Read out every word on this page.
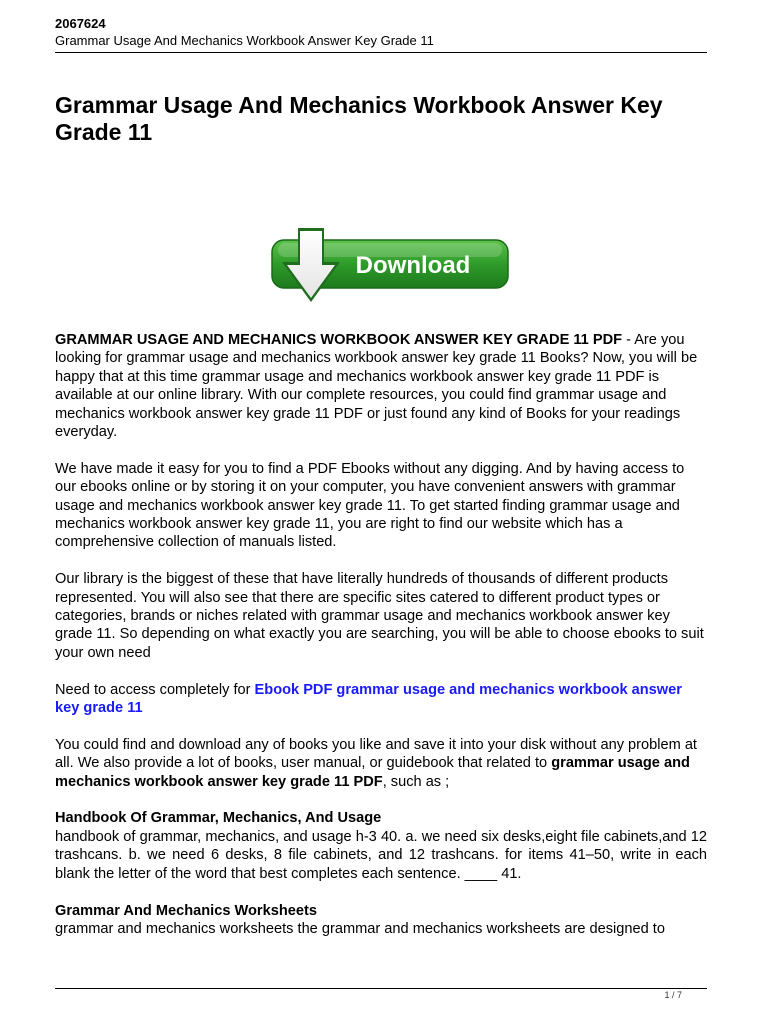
2067624
Grammar Usage And Mechanics Workbook Answer Key Grade 11
Grammar Usage And Mechanics Workbook Answer Key Grade 11
Download

GRAMMAR USAGE AND MECHANICS WORKBOOK ANSWER KEY GRADE 11 PDF - Are you looking for grammar usage and mechanics workbook answer key grade 11 Books? Now, you will be happy that at this time grammar usage and mechanics workbook answer key grade 11 PDF is available at our online library. With our complete resources, you could find grammar usage and mechanics workbook answer key grade 11 PDF or just found any kind of Books for your readings everyday.

We have made it easy for you to find a PDF Ebooks without any digging. And by having access to our ebooks online or by storing it on your computer, you have convenient answers with grammar usage and mechanics workbook answer key grade 11. To get started finding grammar usage and mechanics workbook answer key grade 11, you are right to find our website which has a comprehensive collection of manuals listed.

Our library is the biggest of these that have literally hundreds of thousands of different products represented. You will also see that there are specific sites catered to different product types or categories, brands or niches related with grammar usage and mechanics workbook answer key grade 11. So depending on what exactly you are searching, you will be able to choose ebooks to suit your own need

Need to access completely for Ebook PDF grammar usage and mechanics workbook answer key grade 11

You could find and download any of books you like and save it into your disk without any problem at all. We also provide a lot of books, user manual, or guidebook that related to grammar usage and mechanics workbook answer key grade 11 PDF, such as ;

Handbook Of Grammar, Mechanics, And Usage
handbook of grammar, mechanics, and usage h-3 40. a. we need six desks,eight file cabinets,and 12 trashcans. b. we need 6 desks, 8 file cabinets, and 12 trashcans. for items 41–50, write in each blank the letter of the word that best completes each sentence. ____ 41.

Grammar And Mechanics Worksheets
grammar and mechanics worksheets the grammar and mechanics worksheets are designed to

1 / 7
